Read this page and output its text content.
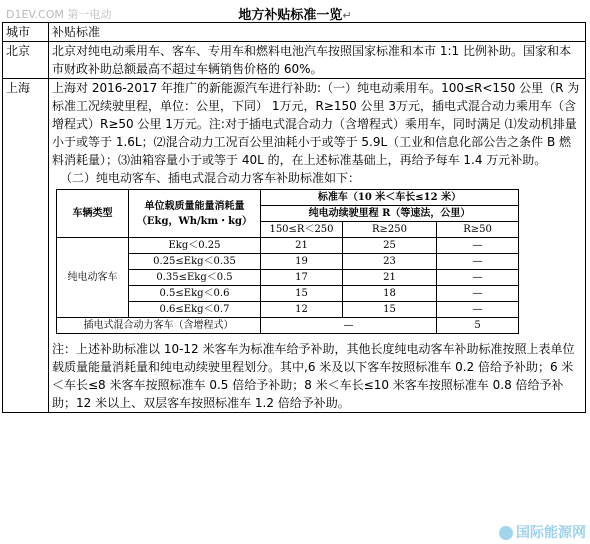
D1EV.COM 第一电动	地方补贴标准一览↵
城市	补贴标准
北京	北京对纯电动乘用车、客车、专用车和燃料电池汽车按照国家标准和本市 1:1 比例补助。国家和本市财政补助总额最高不超过车辆销售价格的 60%。

上海	上海对 2016-2017 年推广的新能源汽车进行补助:（一）纯电动乘用车。100≤R<150 公里（R 为标准工况续驶里程，单位：公里，下同） 1万元，R≥150 公里 3万元，插电式混合动力乘用车（含增程式）R≥50 公里 1万元。注:对于插电式混合动力（含增程式）乘用车，同时满足 ⑴发动机排量小于或等于 1.6L；⑵混合动力工况百公里油耗小于或等于 5.9L（工业和信息化部公告之条件 B 燃料消耗量）；⑶油箱容量小于或等于 40L 的，在上述标准基础上，再给予每车 1.4 万元补助。

（二）纯电动客车、插电式混合动力客车补助标准如下：

车辆类型	单位载质量能量消耗量（Ekg，Wh/km・kg）	标准车（10 米＜车长≤12 米）
纯电动续驶里程 R（等速法，公里）
150≤R＜250	R≥250	R≥50
纯电动客车	Ekg＜0.25	21	25	—
0.25≤Ekg＜0.35	19	23	—
0.35≤Ekg＜0.5	17	21	—
0.5≤Ekg＜0.6	15	18	—
0.6≤Ekg＜0.7	12	15	—
插电式混合动力客车（含增程式）	—	5

注：上述补助标准以 10-12 米客车为标准车给予补助，其他长度纯电动客车补助标准按照上表单位载质量能量消耗量和纯电动续驶里程划分。其中,6 米及以下客车按照标准车 0.2 倍给予补助；6 米＜车长≤8 米客车按照标准车 0.5 倍给予补助；8 米＜车长≤10 米客车按照标准车 0.8 倍给予补助；12 米以上、双层客车按照标准车 1.2 倍给予补助。

国际能源网
